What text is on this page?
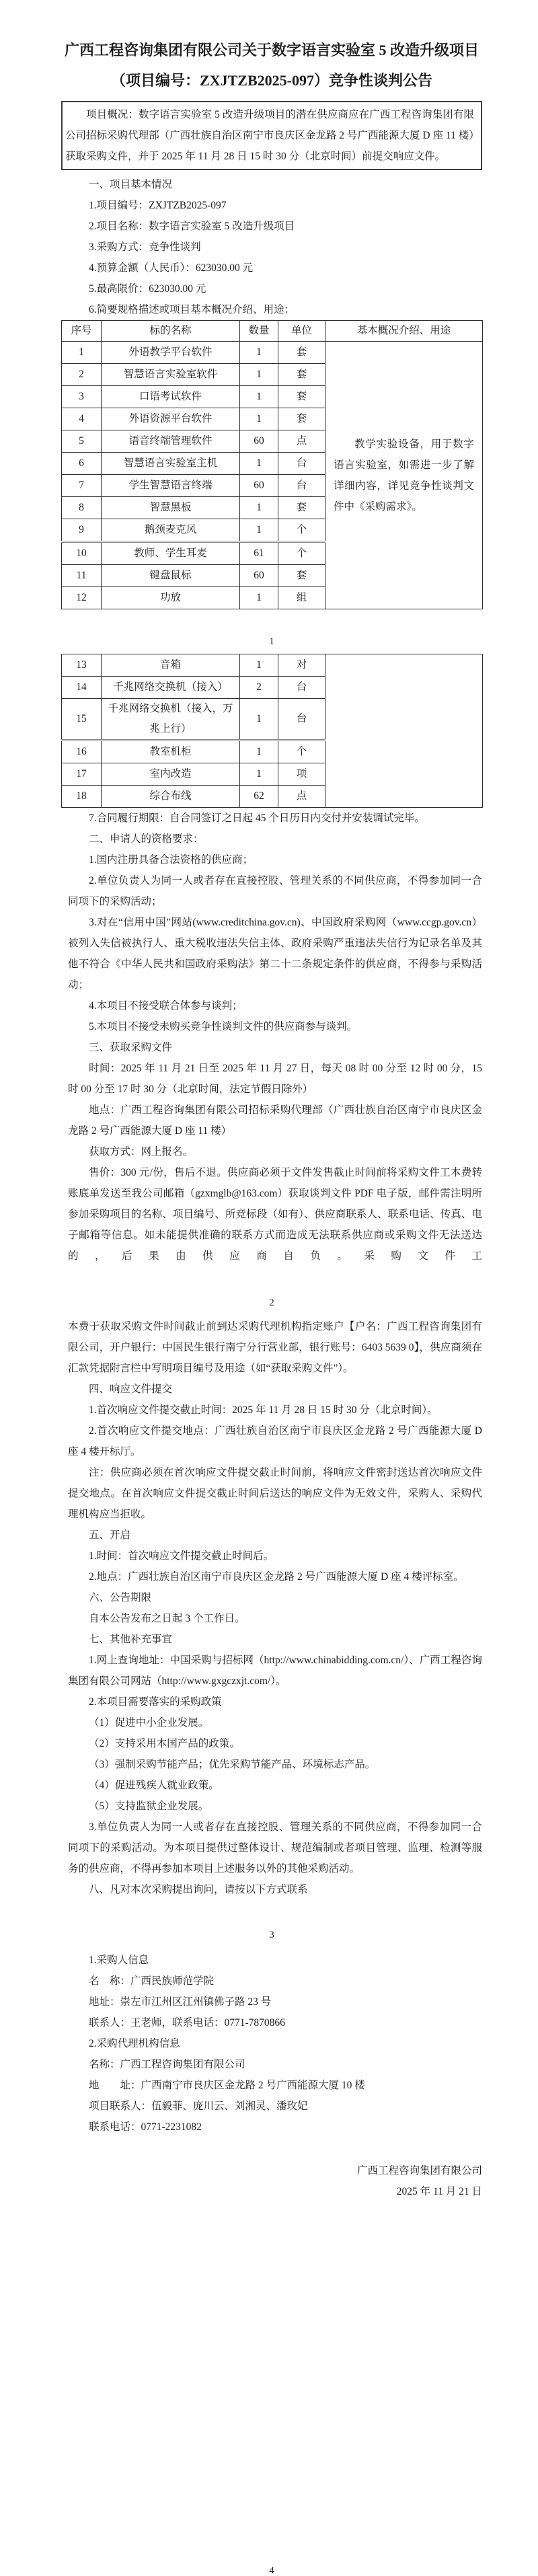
广西工程咨询集团有限公司关于数字语言实验室 5 改造升级项目
（项目编号：ZXJTZB2025-097）竞争性谈判公告

项目概况：数字语言实验室 5 改造升级项目的潜在供应商应在广西工程咨询集团有限公司招标采购代理部（广西壮族自治区南宁市良庆区金龙路 2 号广西能源大厦 D 座 11 楼）获取采购文件，并于 2025 年 11 月 28 日 15 时 30 分（北京时间）前提交响应文件。

一、项目基本情况

1.项目编号：ZXJTZB2025-097

2.项目名称：数字语言实验室 5 改造升级项目

3.采购方式：竞争性谈判

4.预算金额（人民币）：623030.00 元

5.最高限价：623030.00 元

6.简要规格描述或项目基本概况介绍、用途：

序号	标的名称	数量	单位	基本概况介绍、用途
1	外语教学平台软件	1	套	教学实验设备，用于数字语言实验室，如需进一步了解详细内容，详见竞争性谈判文件中《采购需求》。
2	智慧语言实验室软件	1	套	
3	口语考试软件	1	套	
4	外语资源平台软件	1	套	
5	语音终端管理软件	60	点	
6	智慧语言实验室主机	1	台	
7	学生智慧语言终端	60	台	
8	智慧黑板	1	套	
9	鹅颈麦克风	1	个	
10	教师、学生耳麦	61	个	
11	键盘鼠标	60	套	
12	功放	1	组	
1
13	音箱	1	对	
14	千兆网络交换机（接入）	2	台	
15	千兆网络交换机（接入，万兆上行）	1	台	
16	教室机柜	1	个	
17	室内改造	1	项	
18	综合布线	62	点	

7.合同履行期限：自合同签订之日起 45 个日历日内交付并安装调试完毕。

二、申请人的资格要求：

1.国内注册具备合法资格的供应商；

2.单位负责人为同一人或者存在直接控股、管理关系的不同供应商，不得参加同一合同项下的采购活动；

3.对在“信用中国”网站(www.creditchina.gov.cn)、中国政府采购网（www.ccgp.gov.cn）被列入失信被执行人、重大税收违法失信主体、政府采购严重违法失信行为记录名单及其他不符合《中华人民共和国政府采购法》第二十二条规定条件的供应商，不得参与采购活动；

4.本项目不接受联合体参与谈判；

5.本项目不接受未购买竞争性谈判文件的供应商参与谈判。

三、获取采购文件

时间：2025 年 11 月 21 日至 2025 年 11 月 27 日，每天 08 时 00 分至 12 时 00 分，15 时 00 分至 17 时 30 分（北京时间，法定节假日除外）

地点：广西工程咨询集团有限公司招标采购代理部（广西壮族自治区南宁市良庆区金龙路 2 号广西能源大厦 D 座 11 楼）

获取方式：网上报名。

售价：300 元/份，售后不退。供应商必须于文件发售截止时间前将采购文件工本费转账底单发送至我公司邮箱（gzxmglb@163.com）获取谈判文件 PDF 电子版，邮件需注明所参加采购项目的名称、项目编号、所竞标段（如有）、供应商联系人、联系电话、传真、电子邮箱等信息。如未能提供准确的联系方式而造成无法联系供应商或采购文件无法送达的，后果由供应商自负。采购文件工

2

本费于获取采购文件时间截止前到达采购代理机构指定账户【户名：广西工程咨询集团有限公司，开户银行：中国民生银行南宁分行营业部，银行账号：6403 5639 0】，供应商须在汇款凭据附言栏中写明项目编号及用途（如“获取采购文件”）。

四、响应文件提交

1.首次响应文件提交截止时间：2025 年 11 月 28 日 15 时 30 分（北京时间）。

2.首次响应文件提交地点：广西壮族自治区南宁市良庆区金龙路 2 号广西能源大厦 D 座 4 楼开标厅。

注：供应商必须在首次响应文件提交截止时间前，将响应文件密封送达首次响应文件提交地点。在首次响应文件提交截止时间后送达的响应文件为无效文件，采购人、采购代理机构应当拒收。

五、开启

1.时间：首次响应文件提交截止时间后。

2.地点：广西壮族自治区南宁市良庆区金龙路 2 号广西能源大厦 D 座 4 楼评标室。

六、公告期限

自本公告发布之日起 3 个工作日。

七、其他补充事宜

1.网上查询地址：中国采购与招标网（http://www.chinabidding.com.cn/）、广西工程咨询集团有限公司网站（http://www.gxgczxjt.com/）。

2.本项目需要落实的采购政策

（1）促进中小企业发展。

（2）支持采用本国产品的政策。

（3）强制采购节能产品；优先采购节能产品、环境标志产品。

（4）促进残疾人就业政策。

（5）支持监狱企业发展。

3.单位负责人为同一人或者存在直接控股、管理关系的不同供应商，不得参加同一合同项下的采购活动。为本项目提供过整体设计、规范编制或者项目管理、监理、检测等服务的供应商，不得再参加本项目上述服务以外的其他采购活动。

八、凡对本次采购提出询问，请按以下方式联系

3

1.采购人信息

名　称：广西民族师范学院

地址：崇左市江州区江州镇佛子路 23 号

联系人：王老师，联系电话：0771-7870866

2.采购代理机构信息

名称：广西工程咨询集团有限公司

地　　址：广西南宁市良庆区金龙路 2 号广西能源大厦 10 楼

项目联系人：伍毅菲、庞川云、刘湘灵、潘玫妃

联系电话：0771-2231082

广西工程咨询集团有限公司

2025 年 11 月 21 日

4
